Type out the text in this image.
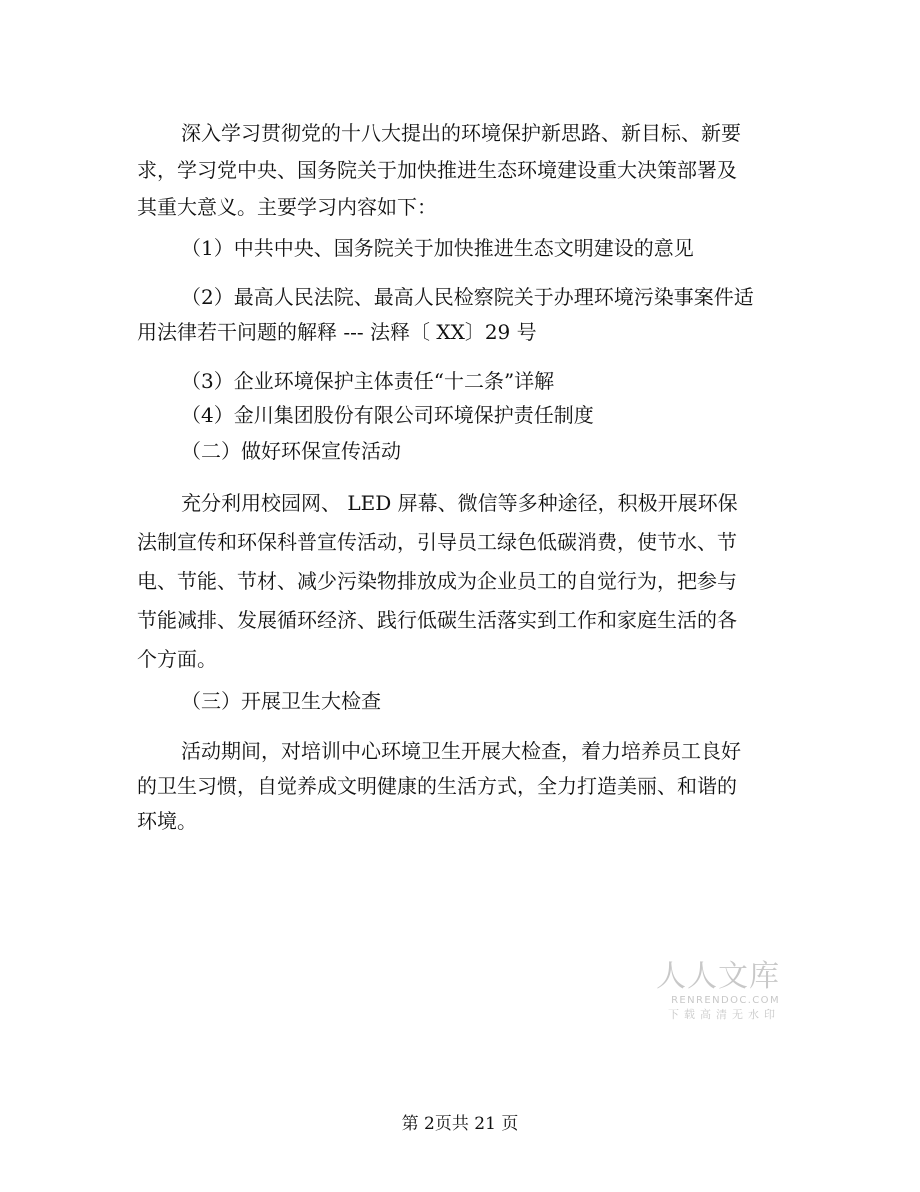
深入学习贯彻党的十八大提出的环境保护新思路、新目标、新要
求，学习党中央、国务院关于加快推进生态环境建设重大决策部署及
其重大意义。主要学习内容如下：
（1）中共中央、国务院关于加快推进生态文明建设的意见
（2）最高人民法院、最高人民检察院关于办理环境污染事案件适
用法律若干问题的解释 --- 法释〔 XX〕29 号
（3）企业环境保护主体责任“十二条”详解
（4）金川集团股份有限公司环境保护责任制度
（二）做好环保宣传活动
充分利用校园网、 LED 屏幕、微信等多种途径，积极开展环保
法制宣传和环保科普宣传活动，引导员工绿色低碳消费，使节水、节
电、节能、节材、减少污染物排放成为企业员工的自觉行为，把参与
节能减排、发展循环经济、践行低碳生活落实到工作和家庭生活的各
个方面。
（三）开展卫生大检查
活动期间，对培训中心环境卫生开展大检查，着力培养员工良好
的卫生习惯，自觉养成文明健康的生活方式，全力打造美丽、和谐的
环境。
人人文库
RENRENDOC.COM
下载高清无水印
第 2页共 21 页
